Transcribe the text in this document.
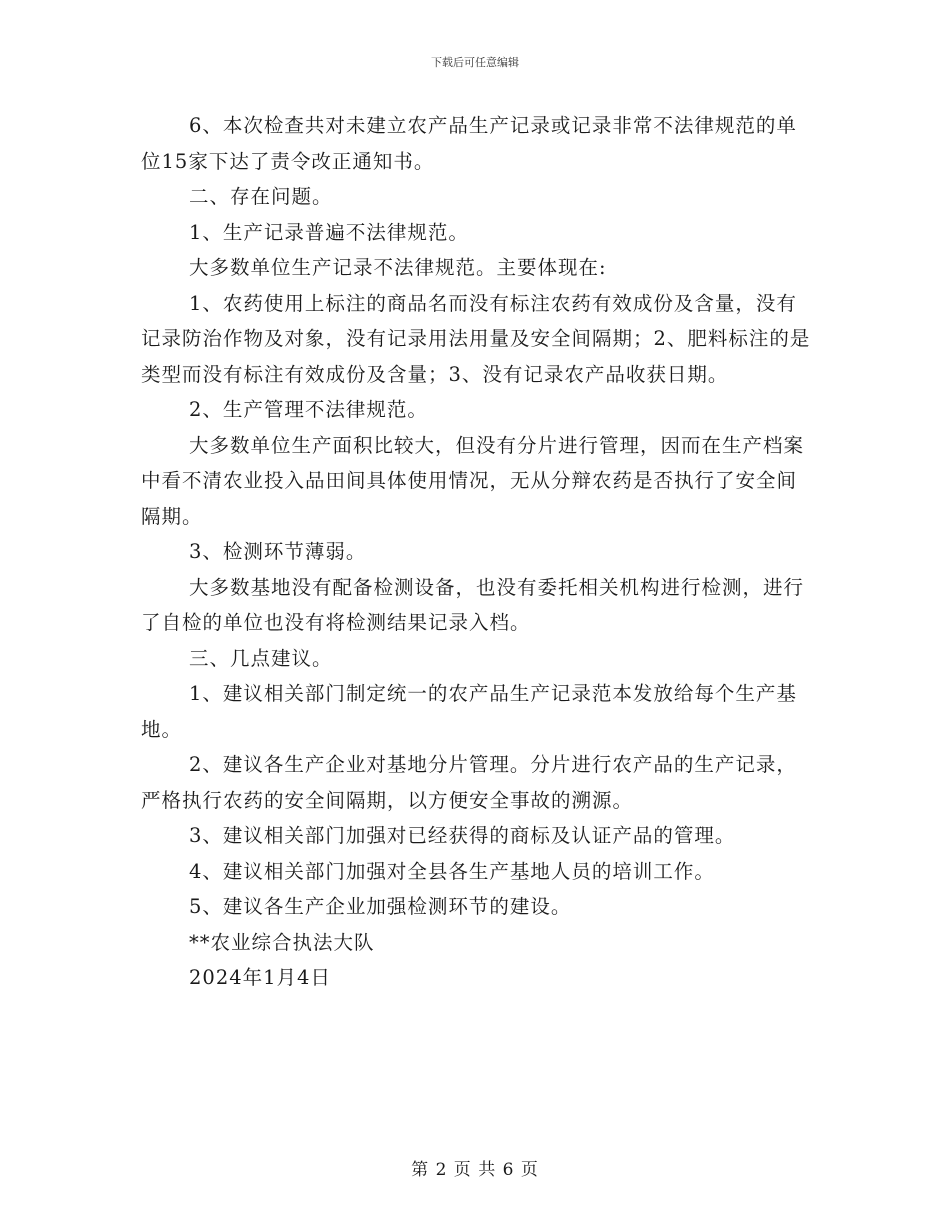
下载后可任意编辑

6、本次检查共对未建立农产品生产记录或记录非常不法律规范的单位15家下达了责令改正通知书。

二、存在问题。

1、生产记录普遍不法律规范。

大多数单位生产记录不法律规范。主要体现在:

1、农药使用上标注的商品名而没有标注农药有效成份及含量，没有记录防治作物及对象，没有记录用法用量及安全间隔期；2、肥料标注的是类型而没有标注有效成份及含量；3、没有记录农产品收获日期。

2、生产管理不法律规范。

大多数单位生产面积比较大，但没有分片进行管理，因而在生产档案中看不清农业投入品田间具体使用情况，无从分辩农药是否执行了安全间隔期。

3、检测环节薄弱。

大多数基地没有配备检测设备，也没有委托相关机构进行检测，进行了自检的单位也没有将检测结果记录入档。

三、几点建议。

1、建议相关部门制定统一的农产品生产记录范本发放给每个生产基地。

2、建议各生产企业对基地分片管理。分片进行农产品的生产记录，严格执行农药的安全间隔期，以方便安全事故的溯源。

3、建议相关部门加强对已经获得的商标及认证产品的管理。

4、建议相关部门加强对全县各生产基地人员的培训工作。

5、建议各生产企业加强检测环节的建设。

**农业综合执法大队

2024年1月4日

第 2 页 共 6 页
